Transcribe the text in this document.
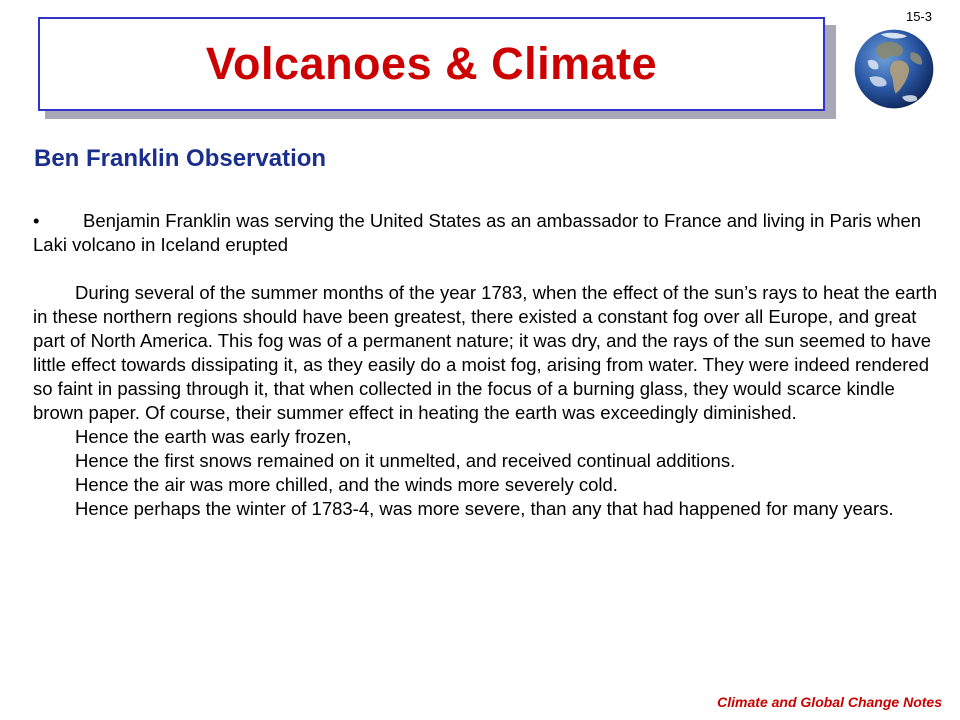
Volcanoes & Climate
15-3
Ben Franklin Observation

• Benjamin Franklin was serving the United States as an ambassador to France and living in Paris when Laki volcano in Iceland erupted

During several of the summer months of the year 1783, when the effect of the sun’s rays to heat the earth in these northern regions should have been greatest, there existed a constant fog over all Europe, and great part of North America. This fog was of a permanent nature; it was dry, and the rays of the sun seemed to have little effect towards dissipating it, as they easily do a moist fog, arising from water. They were indeed rendered so faint in passing through it, that when collected in the focus of a burning glass, they would scarce kindle brown paper. Of course, their summer effect in heating the earth was exceedingly diminished.

Hence the earth was early frozen,

Hence the first snows remained on it unmelted, and received continual additions.

Hence the air was more chilled, and the winds more severely cold.

Hence perhaps the winter of 1783-4, was more severe, than any that had happened for many years.

Climate and Global Change Notes
